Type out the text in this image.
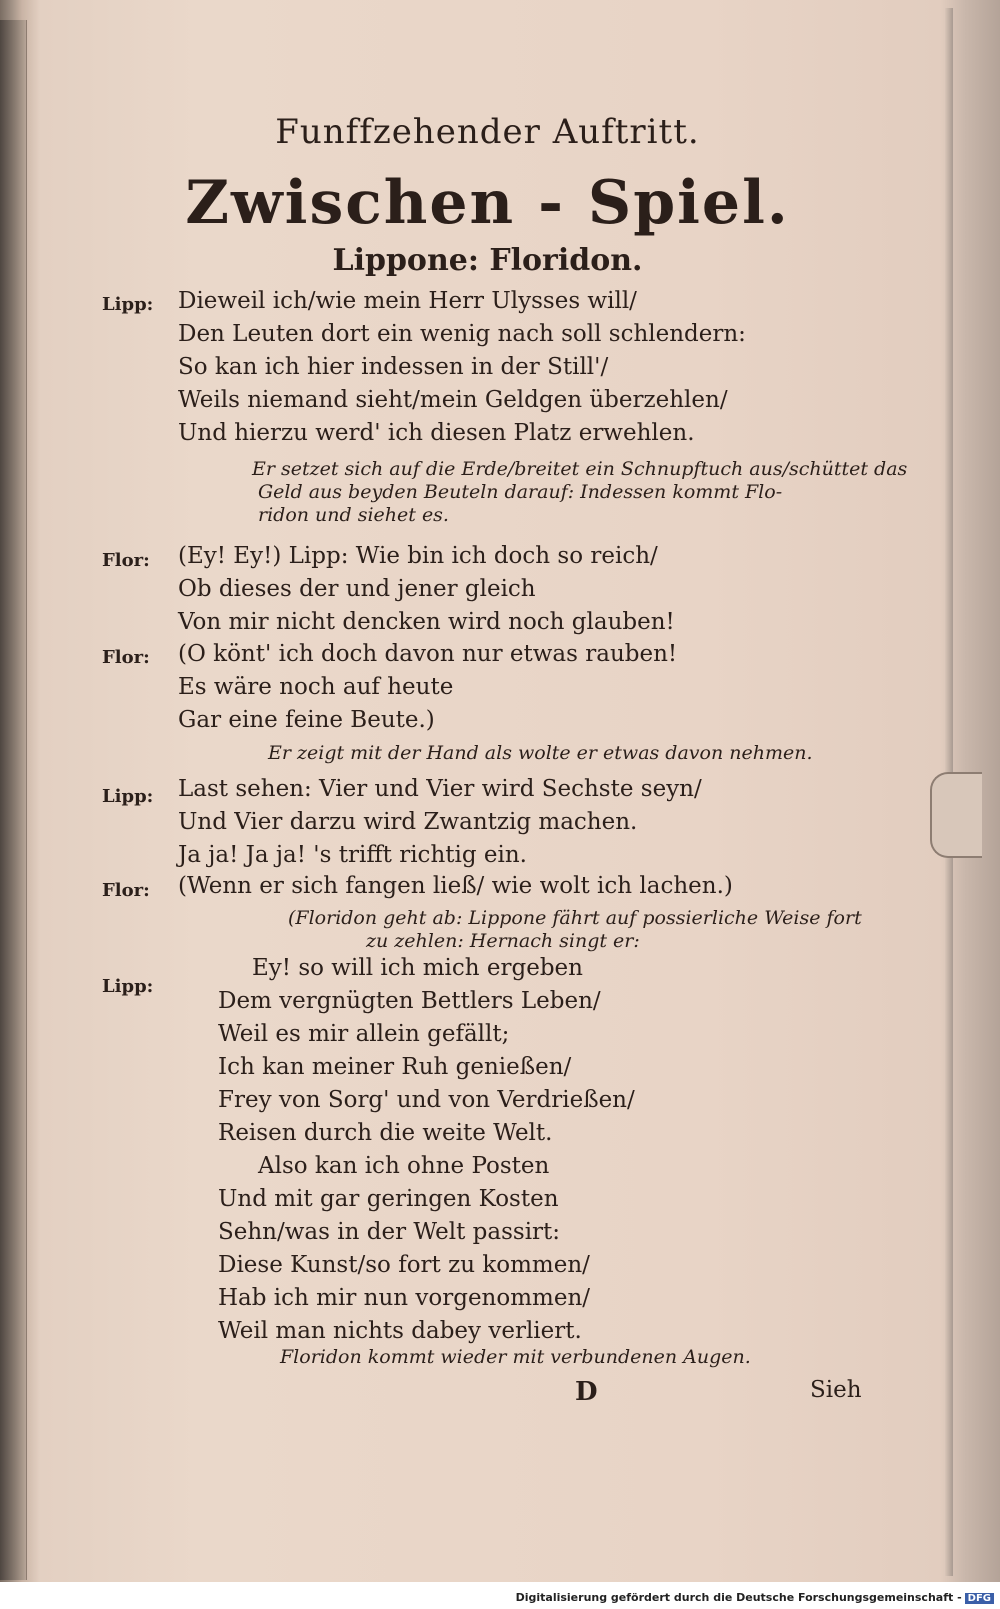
Funffzehender Auftritt.
Zwischen - Spiel.
Lippone: Floridon.
Lipp: Dieweil ich/wie mein Herr Ulysses will/
Den Leuten dort ein wenig nach soll schlendern:
So kan ich hier indessen in der Still'/
Weils niemand sieht/mein Geldgen überzehlen/
Und hierzu werd' ich diesen Platz erwehlen.
Er setzet sich auf die Erde/breitet ein Schnupftuch aus/schüttet das
Geld aus beyden Beuteln darauf: Indessen kommt Flo-
ridon und siehet es.
Flor: (Ey! Ey!) Lipp: Wie bin ich doch so reich/
Ob dieses der und jener gleich
Von mir nicht dencken wird noch glauben!
Flor: (O könt' ich doch davon nur etwas rauben!
Es wäre noch auf heute
Gar eine feine Beute.)
Er zeigt mit der Hand als wolte er etwas davon nehmen.
Lipp: Last sehen: Vier und Vier wird Sechste seyn/
Und Vier darzu wird Zwantzig machen.
Ja ja! Ja ja! 's trifft richtig ein.
Flor: (Wenn er sich fangen ließ/ wie wolt ich lachen.)
(Floridon geht ab: Lippone fährt auf possierliche Weise fort
zu zehlen: Hernach singt er:
Lipp:
Ey! so will ich mich ergeben
Dem vergnügten Bettlers Leben/
Weil es mir allein gefällt;
Ich kan meiner Ruh genießen/
Frey von Sorg' und von Verdrießen/
Reisen durch die weite Welt.
Also kan ich ohne Posten
Und mit gar geringen Kosten
Sehn/was in der Welt passirt:
Diese Kunst/so fort zu kommen/
Hab ich mir nun vorgenommen/
Weil man nichts dabey verliert.
Floridon kommt wieder mit verbundenen Augen.
D	Sieh
Digitalisierung gefördert durch die Deutsche Forschungsgemeinschaft - DFG
